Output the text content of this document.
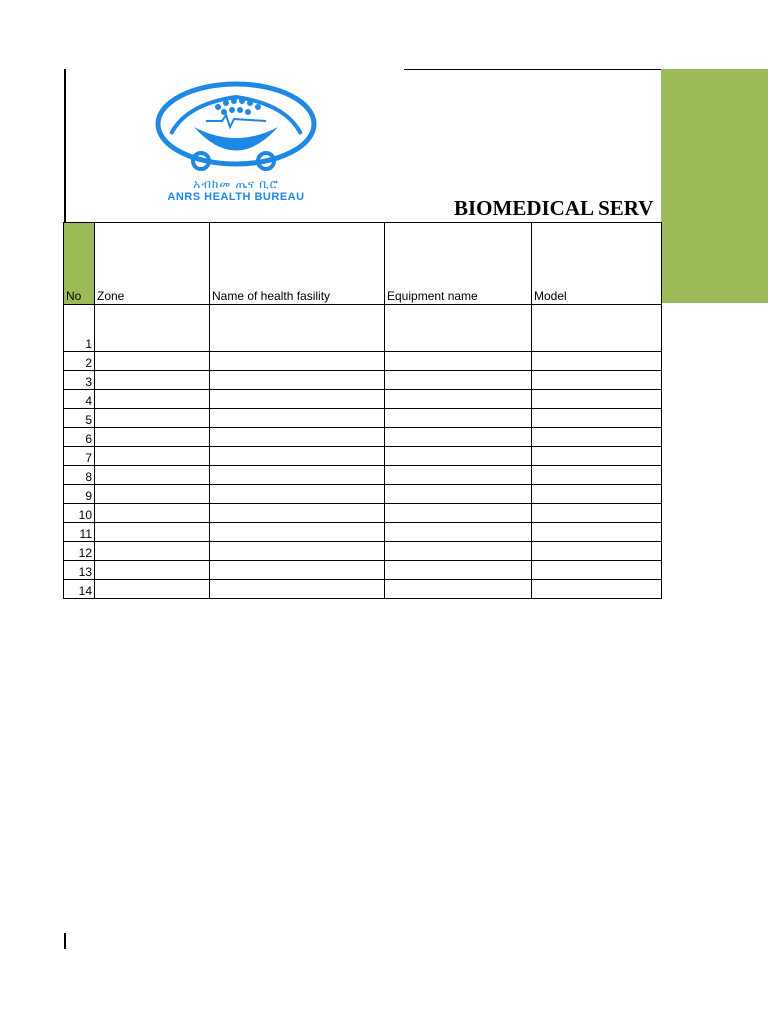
አብክመ ጤና ቢሮ
ANRS HEALTH BUREAU	BIOMEDICAL SERV
No	Zone	Name of health fasility	Equipment name	Model
1				
2				
3				
4				
5				
6				
7				
8				
9				
10				
11				
12				
13				
14				
